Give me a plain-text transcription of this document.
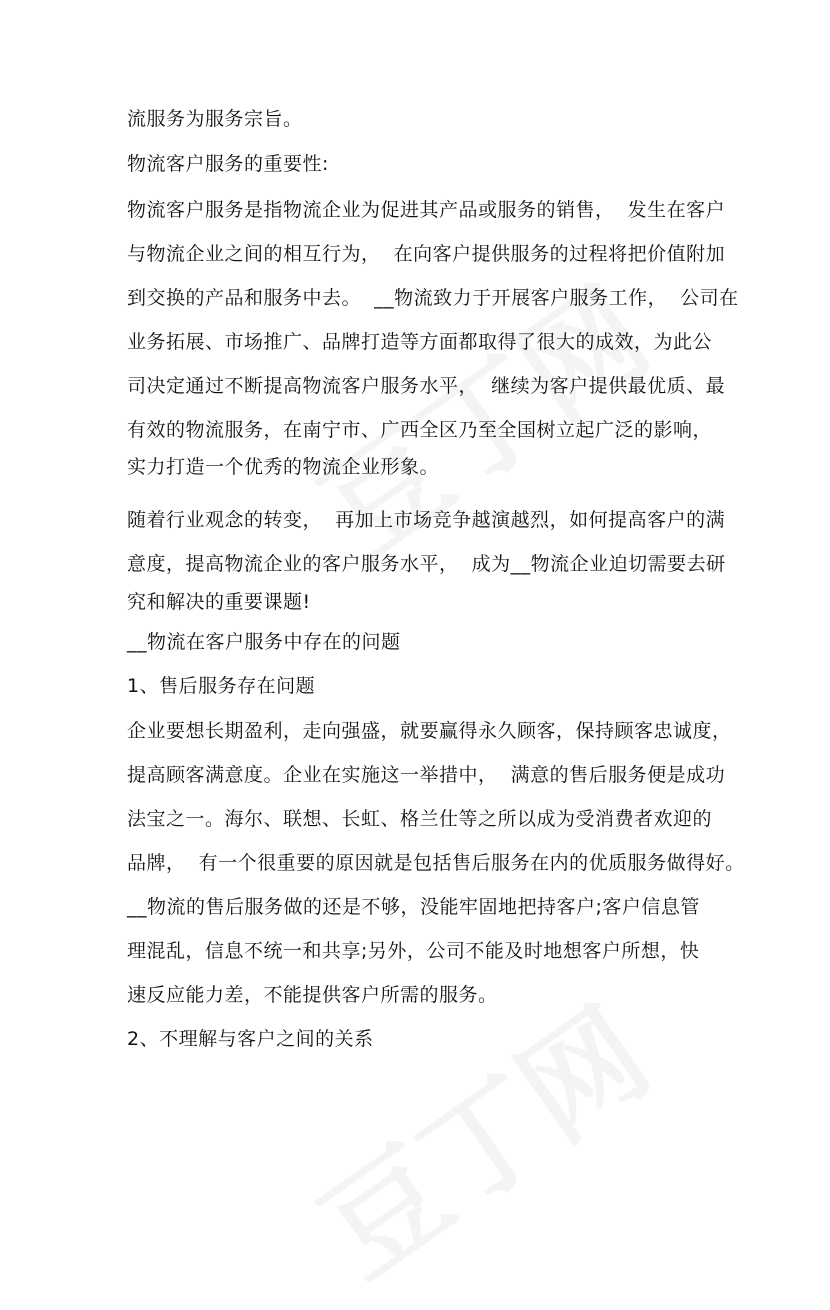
流服务为服务宗旨。
物流客户服务的重要性:
物流客户服务是指物流企业为促进其产品或服务的销售，  发生在客户
与物流企业之间的相互行为，  在向客户提供服务的过程将把价值附加
到交换的产品和服务中去。  __物流致力于开展客户服务工作，  公司在
业务拓展、市场推广、品牌打造等方面都取得了很大的成效，为此公
司决定通过不断提高物流客户服务水平，  继续为客户提供最优质、最
有效的物流服务，在南宁市、广西全区乃至全国树立起广泛的影响，
实力打造一个优秀的物流企业形象。
随着行业观念的转变，  再加上市场竞争越演越烈，如何提高客户的满
意度，提高物流企业的客户服务水平，  成为__物流企业迫切需要去研
究和解决的重要课题!
__物流在客户服务中存在的问题
1、售后服务存在问题
企业要想长期盈利，走向强盛，就要赢得永久顾客，保持顾客忠诚度，
提高顾客满意度。企业在实施这一举措中，  满意的售后服务便是成功
法宝之一。海尔、联想、长虹、格兰仕等之所以成为受消费者欢迎的
品牌，  有一个很重要的原因就是包括售后服务在内的优质服务做得好。
__物流的售后服务做的还是不够，没能牢固地把持客户;客户信息管
理混乱，信息不统一和共享;另外，公司不能及时地想客户所想，快
速反应能力差，不能提供客户所需的服务。
2、不理解与客户之间的关系
